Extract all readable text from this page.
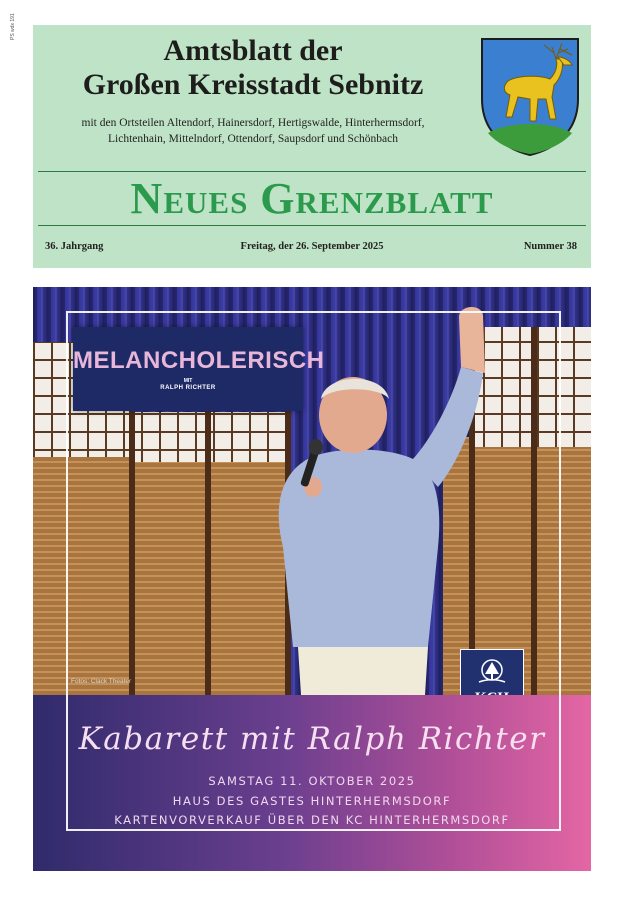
PS wdx 191
Amtsblatt der
Großen Kreisstadt Sebnitz
mit den Ortsteilen Altendorf, Hainersdorf, Hertigswalde, Hinterhermsdorf,
Lichtenhain, Mittelndorf, Ottendorf, Saupsdorf und Schönbach
Neues Grenzblatt
36. Jahrgang	Freitag, der 26. September 2025	Nummer 38
MELANCHOLERISCH
MIT
RALPH RICHTER
Fotos: Clack Theater
Kabarett mit Ralph Richter
SAMSTAG 11. OKTOBER 2025
HAUS DES GASTES HINTERHERMSDORF
KARTENVORVERKAUF ÜBER DEN KC HINTERHERMSDORF
